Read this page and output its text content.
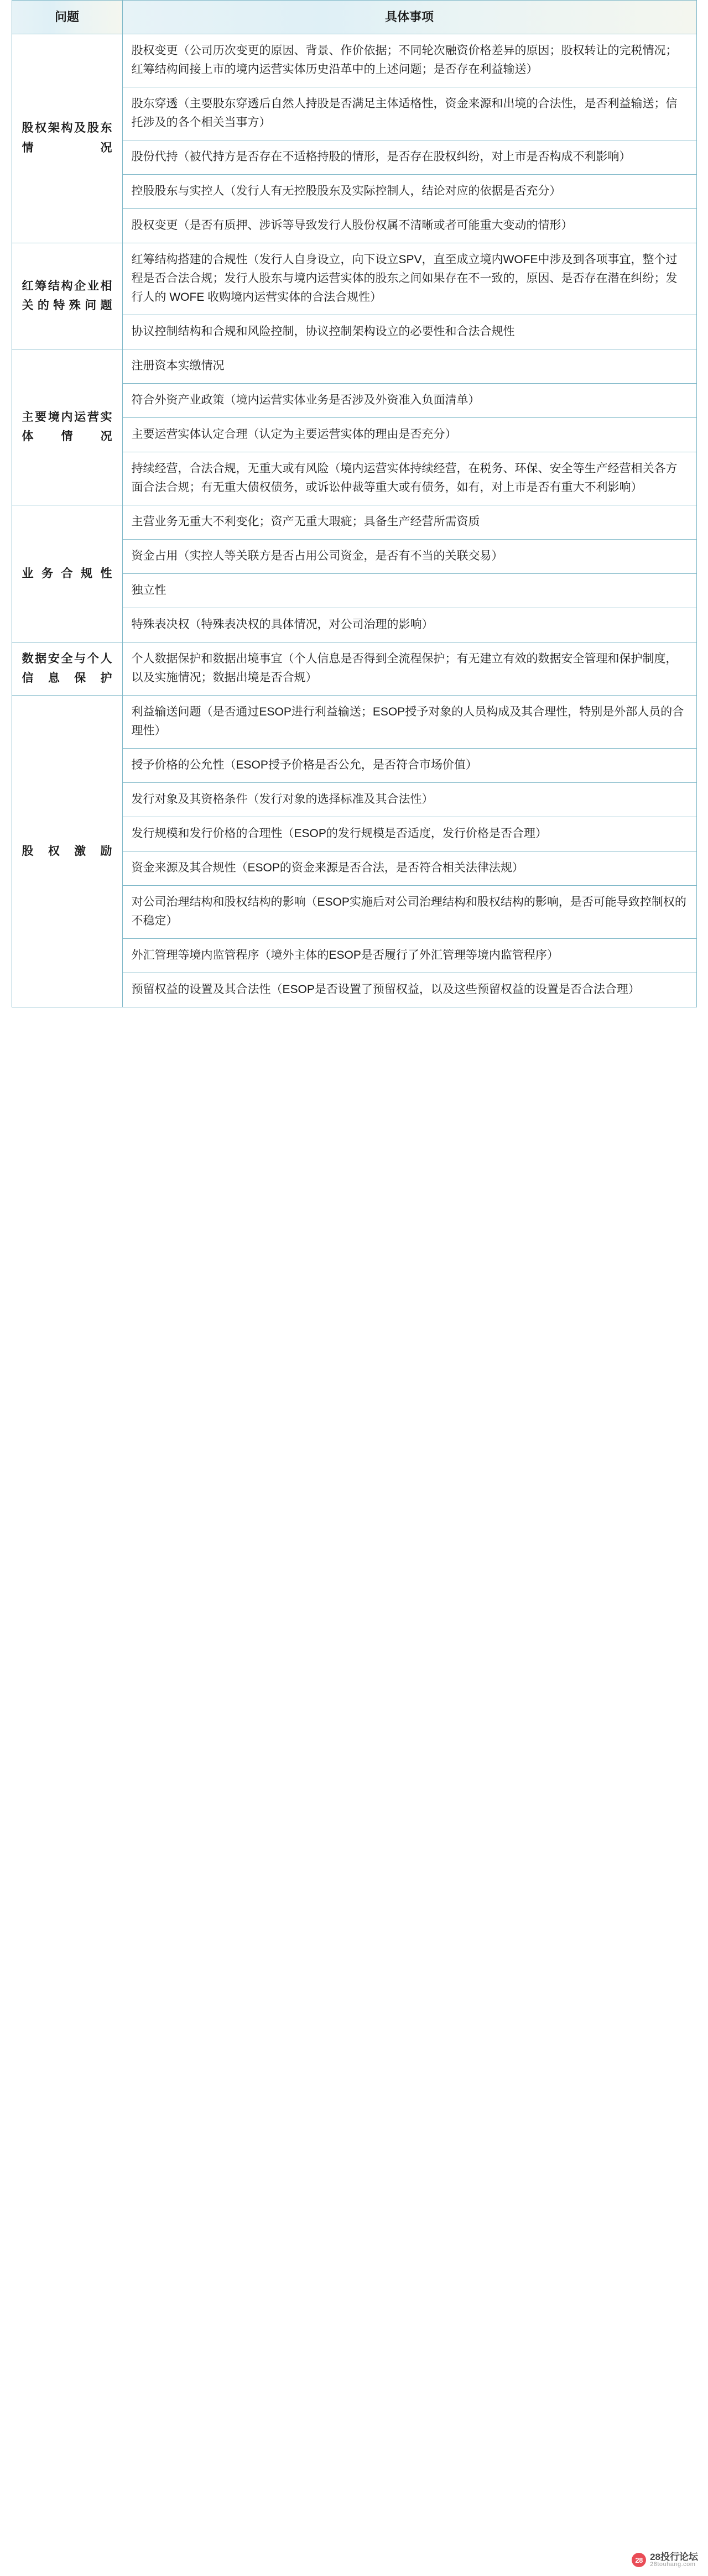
问题	具体事项
股权架构及股东情况	股权变更（公司历次变更的原因、背景、作价依据；不同轮次融资价格差异的原因；股权转让的完税情况；红筹结构间接上市的境内运营实体历史沿革中的上述问题；是否存在利益输送）
	股东穿透（主要股东穿透后自然人持股是否满足主体适格性，资金来源和出境的合法性，是否利益输送；信托涉及的各个相关当事方）
	股份代持（被代持方是否存在不适格持股的情形，是否存在股权纠纷，对上市是否构成不利影响）
	控股股东与实控人（发行人有无控股股东及实际控制人，结论对应的依据是否充分）
	股权变更（是否有质押、涉诉等导致发行人股份权属不清晰或者可能重大变动的情形）
红筹结构企业相关的特殊问题	红筹结构搭建的合规性（发行人自身设立，向下设立SPV，直至成立境内WOFE中涉及到各项事宜，整个过程是否合法合规；发行人股东与境内运营实体的股东之间如果存在不一致的，原因、是否存在潜在纠纷；发行人的 WOFE 收购境内运营实体的合法合规性）
	协议控制结构和合规和风险控制，协议控制架构设立的必要性和合法合规性
主要境内运营实体情况	注册资本实缴情况
	符合外资产业政策（境内运营实体业务是否涉及外资准入负面清单）
	主要运营实体认定合理（认定为主要运营实体的理由是否充分）
	持续经营，合法合规，无重大或有风险（境内运营实体持续经营，在税务、环保、安全等生产经营相关各方面合法合规；有无重大债权债务，或诉讼仲裁等重大或有债务，如有，对上市是否有重大不利影响）
业务合规性	主营业务无重大不利变化；资产无重大瑕疵；具备生产经营所需资质
	资金占用（实控人等关联方是否占用公司资金，是否有不当的关联交易）
	独立性
	特殊表决权（特殊表决权的具体情况，对公司治理的影响）
数据安全与个人信息保护	个人数据保护和数据出境事宜（个人信息是否得到全流程保护；有无建立有效的数据安全管理和保护制度，以及实施情况；数据出境是否合规）
股权激励	利益输送问题（是否通过ESOP进行利益输送；ESOP授予对象的人员构成及其合理性，特别是外部人员的合理性）
	授予价格的公允性（ESOP授予价格是否公允，是否符合市场价值）
	发行对象及其资格条件（发行对象的选择标准及其合法性）
	发行规模和发行价格的合理性（ESOP的发行规模是否适度，发行价格是否合理）
	资金来源及其合规性（ESOP的资金来源是否合法，是否符合相关法律法规）
	对公司治理结构和股权结构的影响（ESOP实施后对公司治理结构和股权结构的影响，是否可能导致控制权的不稳定）
	外汇管理等境内监管程序（境外主体的ESOP是否履行了外汇管理等境内监管程序）
	预留权益的设置及其合法性（ESOP是否设置了预留权益，以及这些预留权益的设置是否合法合理）
28 28投行论坛
28touhang.com
